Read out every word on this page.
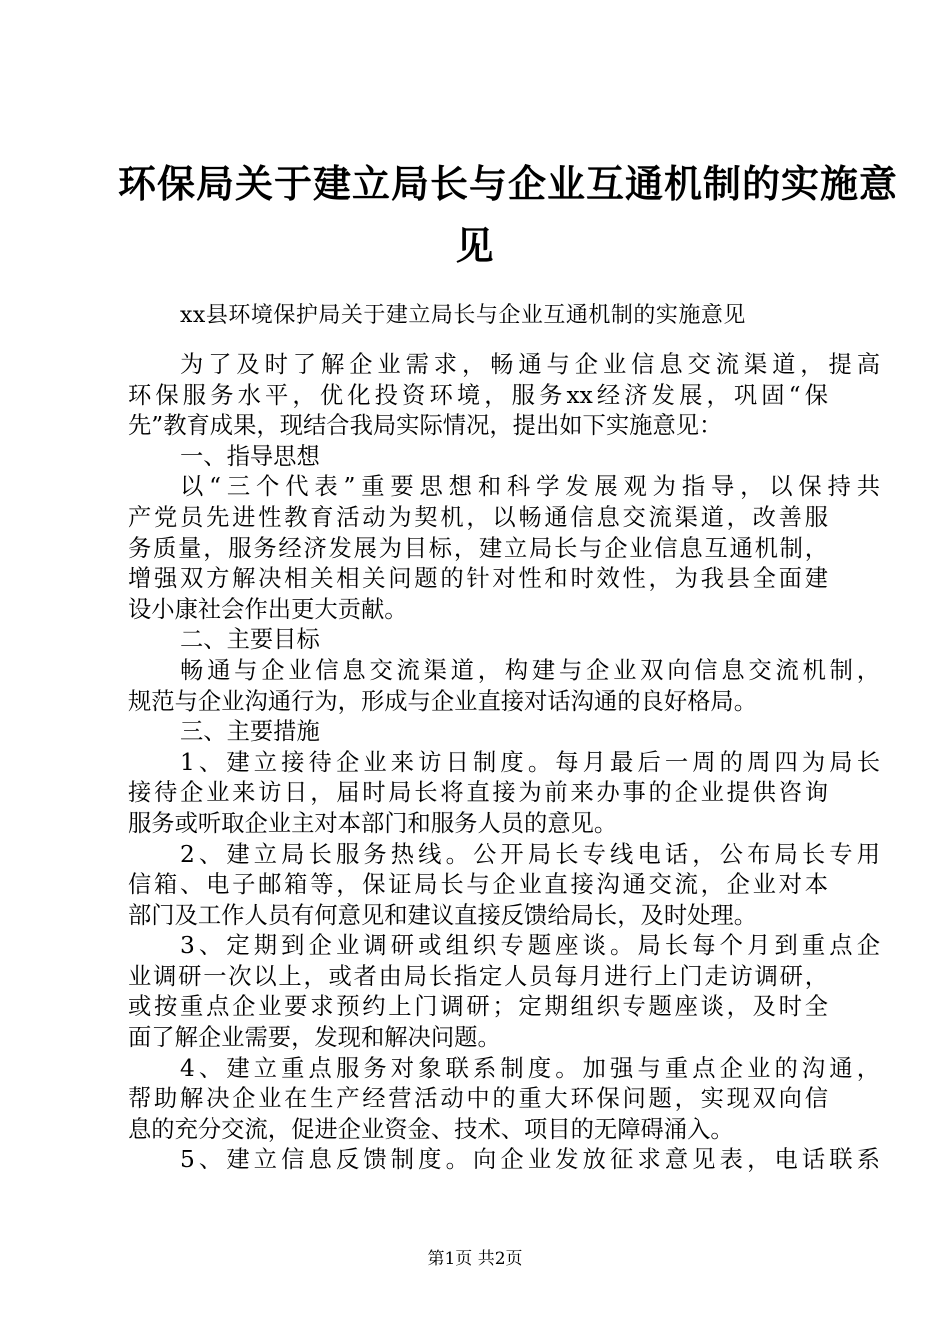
环保局关于建立局长与企业互通机制的实施意
见
xx县环境保护局关于建立局长与企业互通机制的实施意见
为了及时了解企业需求，畅通与企业信息交流渠道，提高
环保服务水平，优化投资环境，服务xx经济发展，巩固“保
先”教育成果，现结合我局实际情况，提出如下实施意见：
一、指导思想
以“三个代表”重要思想和科学发展观为指导，以保持共
产党员先进性教育活动为契机，以畅通信息交流渠道，改善服
务质量，服务经济发展为目标，建立局长与企业信息互通机制，
增强双方解决相关相关问题的针对性和时效性，为我县全面建
设小康社会作出更大贡献。
二、主要目标
畅通与企业信息交流渠道，构建与企业双向信息交流机制，
规范与企业沟通行为，形成与企业直接对话沟通的良好格局。
三、主要措施
1、建立接待企业来访日制度。每月最后一周的周四为局长
接待企业来访日，届时局长将直接为前来办事的企业提供咨询
服务或听取企业主对本部门和服务人员的意见。
2、建立局长服务热线。公开局长专线电话，公布局长专用
信箱、电子邮箱等，保证局长与企业直接沟通交流，企业对本
部门及工作人员有何意见和建议直接反馈给局长，及时处理。
3、定期到企业调研或组织专题座谈。局长每个月到重点企
业调研一次以上，或者由局长指定人员每月进行上门走访调研，
或按重点企业要求预约上门调研；定期组织专题座谈，及时全
面了解企业需要，发现和解决问题。
4、建立重点服务对象联系制度。加强与重点企业的沟通，
帮助解决企业在生产经营活动中的重大环保问题，实现双向信
息的充分交流，促进企业资金、技术、项目的无障碍涌入。
5、建立信息反馈制度。向企业发放征求意见表，电话联系
第1页 共2页
